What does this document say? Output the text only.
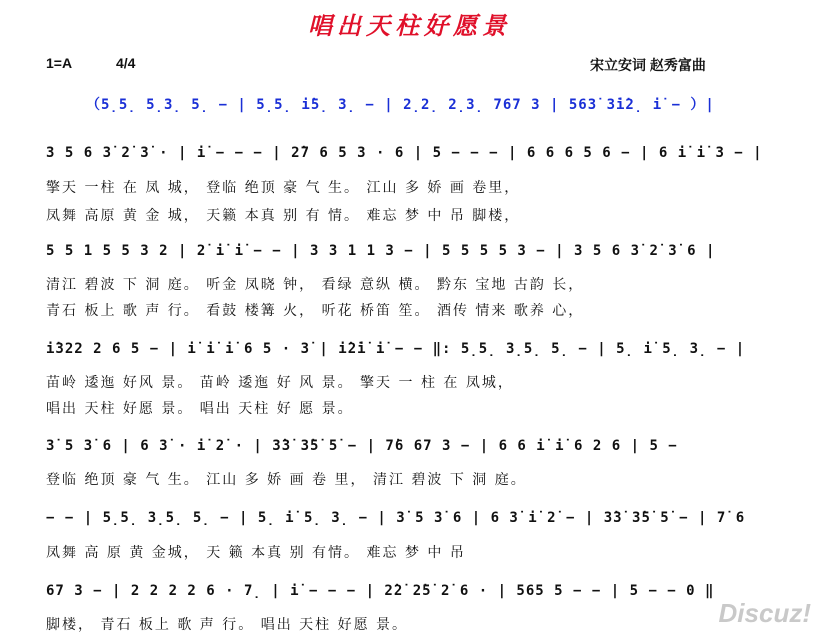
唱出天柱好愿景
1=A	4/4	宋立安词 赵秀富曲
（5̣5̣ 5̣3̣ 5̣ − | 5̣5̣ i̇5̣ 3̣ − | 2̣2̣ 2̣3̣ 767 3 | 563̇ 3̇i̇2̣ i̇ − ）|
3 5 6 3̇ 2̇ 3̇ · | i̇ − − − | 2̇7 6 5 3 · 6 | 5 − − − | 6 6 6 5 6 − | 6 i̇ i̇ 3 − |
擎天 一柱 在 凤 城， 登临 绝顶 豪 气 生。 江山 多 娇 画 卷里，
凤舞 高原 黄 金 城， 天籁 本真 别 有 情。 难忘 梦 中 吊 脚楼，
5 5 1 5 5 3 2 | 2̇ i̇ i̇ − − | 3 3 1 1 3 − | 5 5 5 5 3 − | 3 5 6 3̇ 2̇ 3̇ 6 |
清江 碧波 下 洞 庭。 听金 凤晓 钟， 看绿 意纵 横。 黔东 宝地 古韵 长，
青石 板上 歌 声 行。 看鼓 楼篝 火， 听花 桥笛 笙。 酒传 情来 歌养 心，
i̇322 2 6 5 − | i̇ i̇ i̇ 6 5 · 3̇ | i̇2̇i̇ i̇ − − ‖: 5̣5̣ 3̣5̣ 5̣ − | 5̣ i̇ 5̣ 3̣ − |
苗岭 逶迤 好风 景。 苗岭 逶迤 好 风 景。 擎天 一 柱 在 凤城，
唱出 天柱 好愿 景。 唱出 天柱 好 愿 景。
3̇ 5 3̇ 6 | 6 3̇ · i̇ 2̇ · | 3̇3̇ 3̇5̇ 5̇ − | 7̇6 67 3 − | 6 6 i̇ i̇ 6 2 6 | 5 −
登临 绝顶 豪 气 生。 江山 多 娇 画 卷 里， 清江 碧波 下 洞 庭。
− − | 5̣5̣ 3̣5̣ 5̣ − | 5̣ i̇ 5̣ 3̣ − | 3̇ 5 3̇ 6 | 6 3̇ i̇ 2̇ − | 3̇3̇ 3̇5̇ 5̇ − | 7̇ 6
凤舞 高 原 黄 金城， 天 籁 本真 别 有情。 难忘 梦 中 吊
67 3 − | 2 2 2 2 6 · 7̣ | i̇ − − − | 2̇2̇ 2̇5̇ 2̇ 6 · | 565 5 − − | 5 − − 0 ‖
脚楼， 青石 板上 歌 声 行。 唱出 天柱 好愿 景。	Discuz!
